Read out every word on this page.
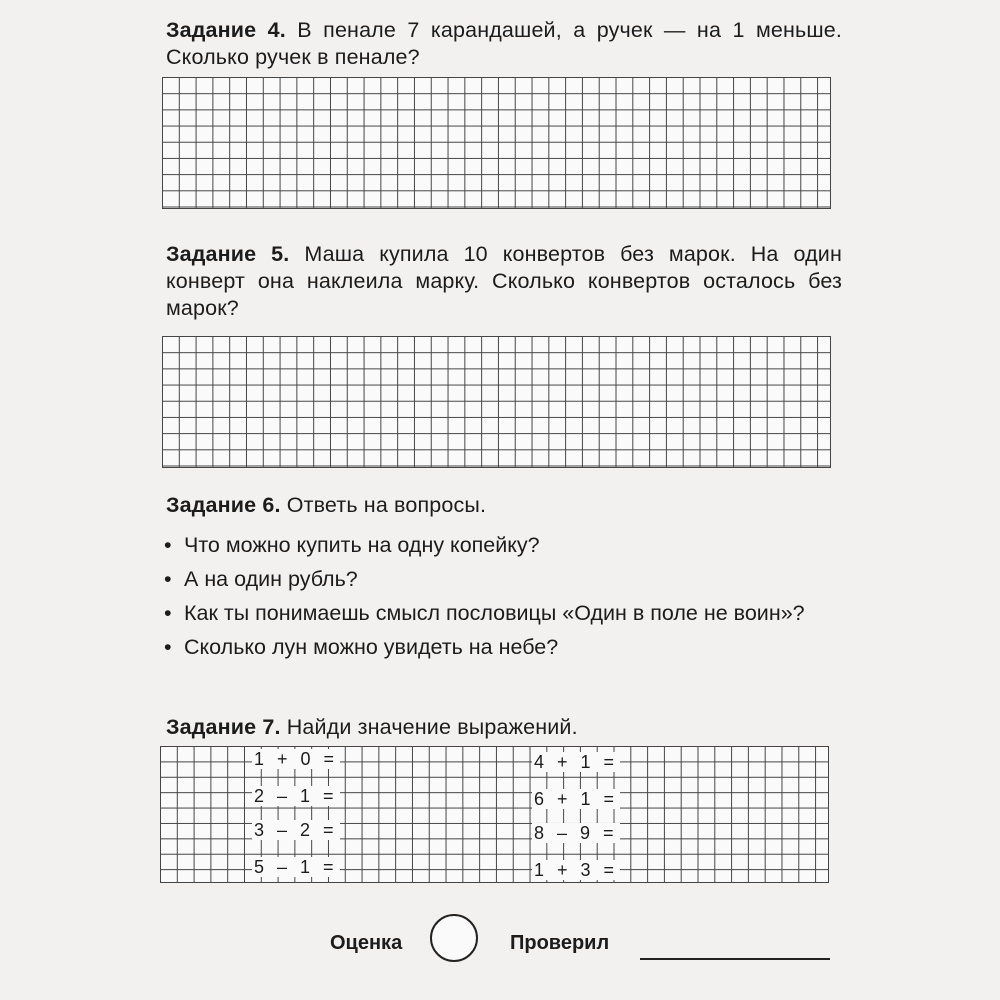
Задание 4. В пенале 7 карандашей, а ручек — на 1 меньше. Сколько ручек в пенале?
Задание 5. Маша купила 10 конвертов без марок. На один конверт она наклеила марку. Сколько конвертов осталось без марок?
Задание 6. Ответь на вопросы.
• Что можно купить на одну копейку?
• А на один рубль?
• Как ты понимаешь смысл пословицы «Один в поле не воин»?
• Сколько лун можно увидеть на небе?
Задание 7. Найди значение выражений.
1 + 0 =
2 – 1 =
3 – 2 =
5 – 1 =
4 + 1 =
6 + 1 =
8 – 9 =
1 + 3 =
Оценка	Проверил
